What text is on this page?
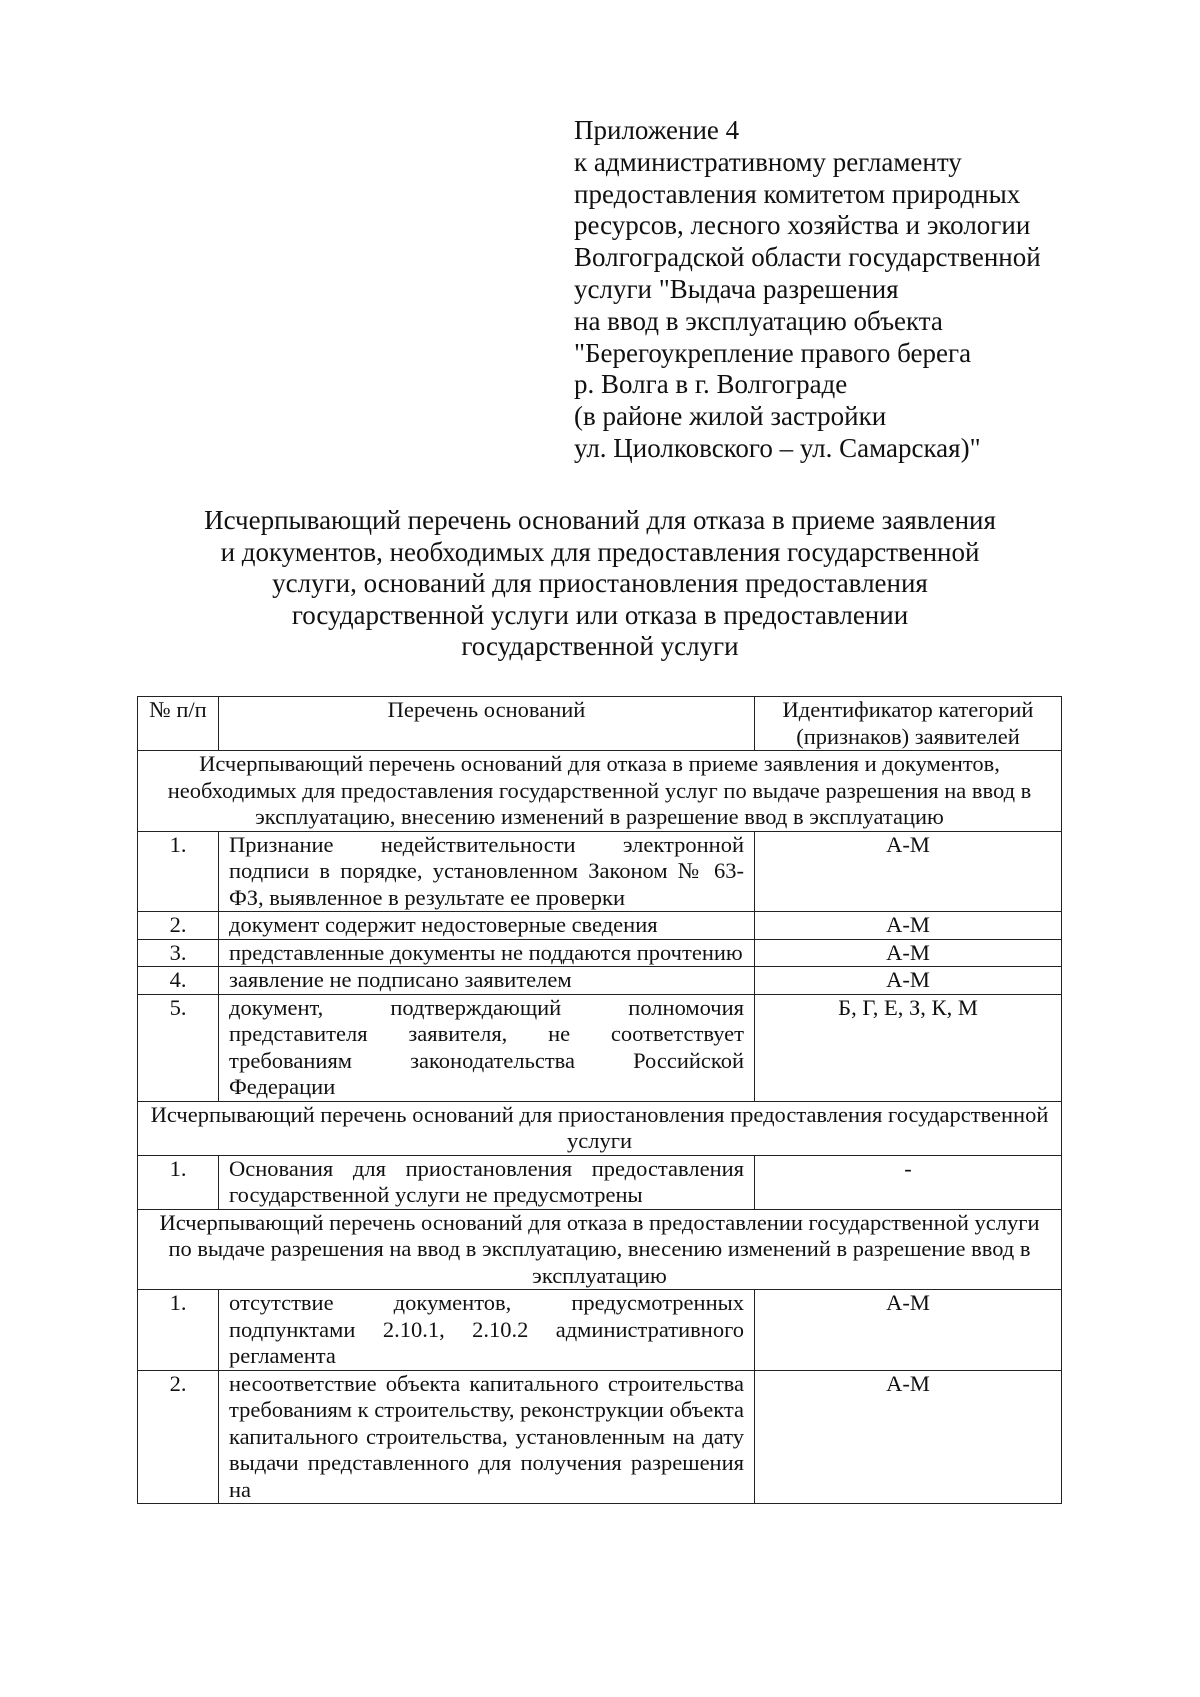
Приложение 4
к административному регламенту
предоставления комитетом природных
ресурсов, лесного хозяйства и экологии
Волгоградской области государственной
услуги "Выдача разрешения
на ввод в эксплуатацию объекта
"Берегоукрепление правого берега
р. Волга в г. Волгограде
(в районе жилой застройки
ул. Циолковского – ул. Самарская)"
Исчерпывающий перечень оснований для отказа в приеме заявления
и документов, необходимых для предоставления государственной
услуги, оснований для приостановления предоставления
государственной услуги или отказа в предоставлении
государственной услуги
№ п/п	Перечень оснований	Идентификатор категорий (признаков) заявителей
Исчерпывающий перечень оснований для отказа в приеме заявления и документов, необходимых для предоставления государственной услуг по выдаче разрешения на ввод в эксплуатацию, внесению изменений в разрешение ввод в эксплуатацию		
1.	Признание недействительности электронной подписи в порядке, установленном Законом № 63-ФЗ, выявленное в результате ее проверки	А-М
2.	документ содержит недостоверные сведения	А-М
3.	представленные документы не поддаются прочтению	А-М
4.	заявление не подписано заявителем	А-М
5.	документ, подтверждающий полномочия представителя заявителя, не соответствует требованиям законодательства Российской Федерации	Б, Г, Е, З, К, М
Исчерпывающий перечень оснований для приостановления предоставления государственной услуги		
1.	Основания для приостановления предоставления государственной услуги не предусмотрены	-
Исчерпывающий перечень оснований для отказа в предоставлении государственной услуги по выдаче разрешения на ввод в эксплуатацию, внесению изменений в разрешение ввод в эксплуатацию		
1.	отсутствие документов, предусмотренных подпунктами 2.10.1, 2.10.2 административного регламента	А-М
2.	несоответствие объекта капитального строительства требованиям к строительству, реконструкции объекта капитального строительства, установленным на дату выдачи представленного для получения разрешения на	А-М
